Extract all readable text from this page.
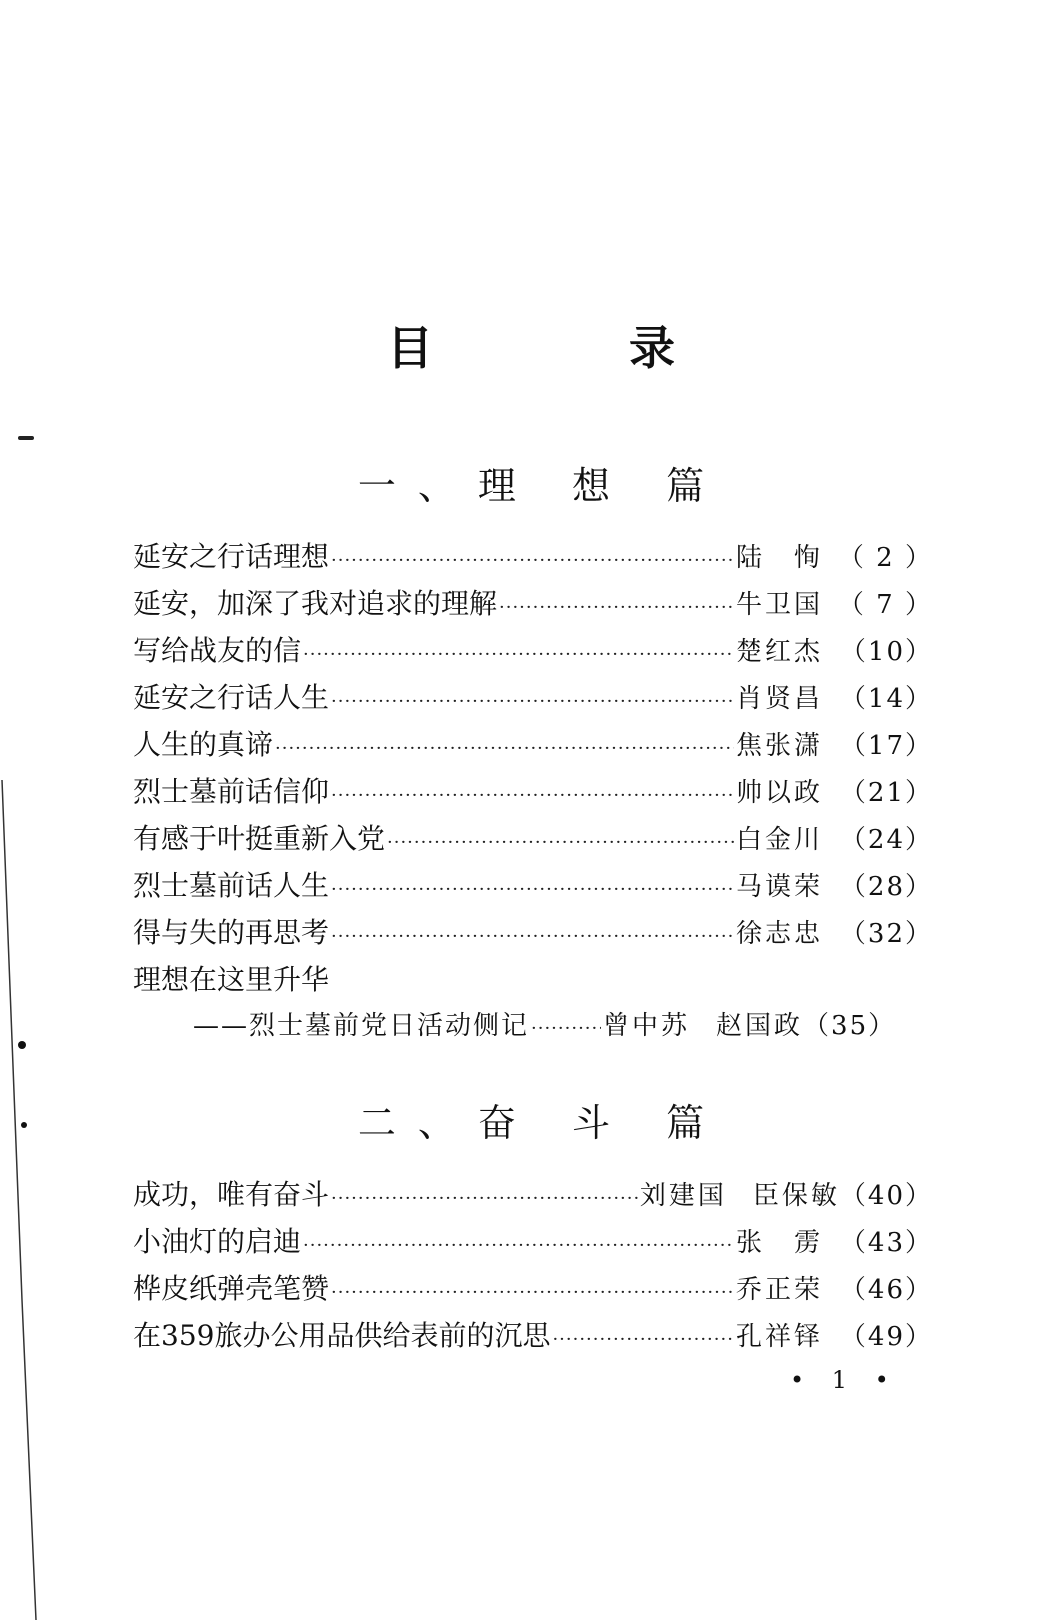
目 录
一、理 想 篇
延安之行话理想 ·····	陆　恂 （ 2 ）
延安，加深了我对追求的理解 ·····	牛卫国 （ 7 ）
写给战友的信 ·····	楚红杰 （10）
延安之行话人生 ·····	肖贤昌 （14）
人生的真谛 ·····	焦张潇 （17）
烈士墓前话信仰 ·····	帅以政 （21）
有感于叶挺重新入党 ·····	白金川 （24）
烈士墓前话人生 ·····	马谟荣 （28）
得与失的再思考 ·····	徐志忠 （32）
理想在这里升华
——烈士墓前党日活动侧记 ·····	曾中苏 赵国政 （35）
二、奋 斗 篇
成功，唯有奋斗 ·····	刘建国 臣保敏 （40）
小油灯的启迪 ·····	张　雳 （43）
桦皮纸弹壳笔赞 ·····	乔正荣 （46）
在359旅办公用品供给表前的沉思 ·····	孔祥铎 （49）
• 1 •
